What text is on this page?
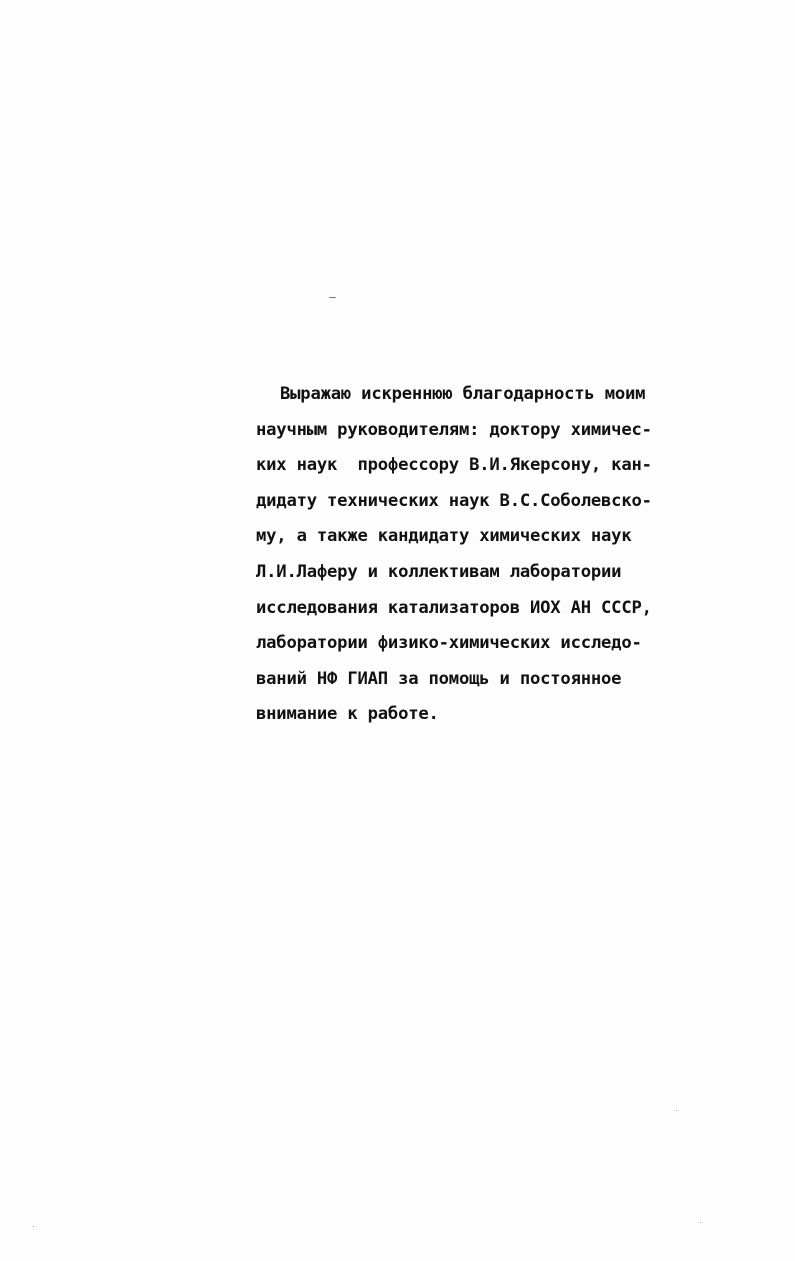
Выражаю искреннюю благодарность моим
научным руководителям: доктору химичес-
ких наук  профессору В.И.Якерсону, кан-
дидату технических наук В.С.Соболевско-
му, а также кандидату химических наук
Л.И.Лаферу и коллективам лаборатории
исследования катализаторов ИОХ АН СССР,
лаборатории физико-химических исследо-
ваний НФ ГИАП за помощь и постоянное
внимание к работе.
